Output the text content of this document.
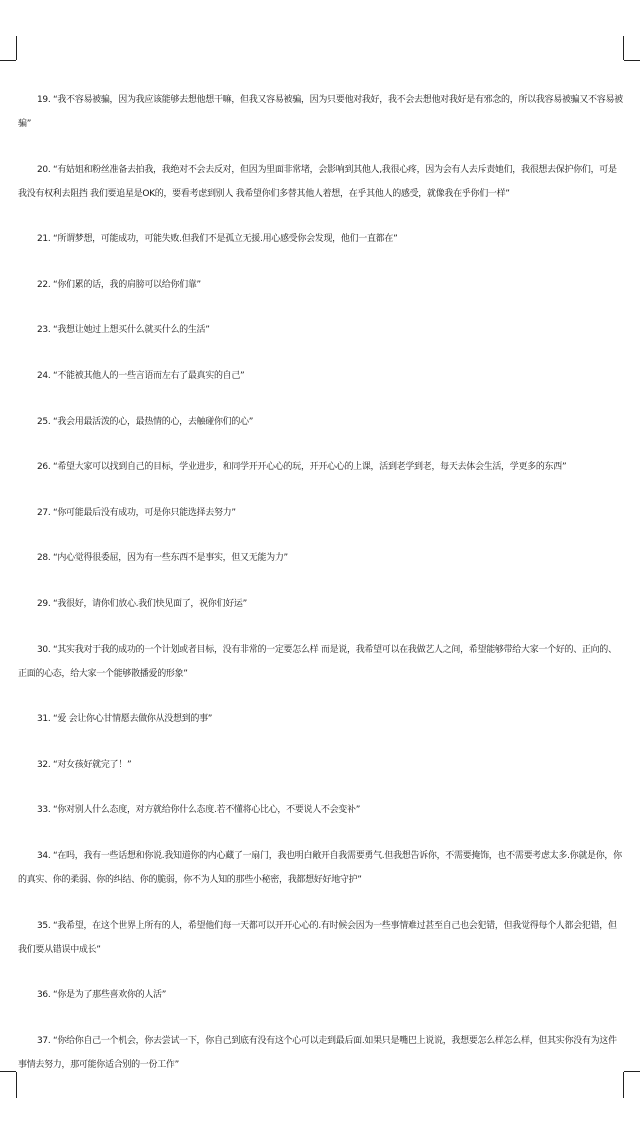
19. “我不容易被骗，因为我应该能够去想他想干嘛，但我又容易被骗，因为只要他对我好，我不会去想他对我好是有邪念的，所以我容易被骗又不容易被骗”

20. “有姑姐和粉丝准备去拍我，我绝对不会去反对，但因为里面非常堵，会影响到其他人,我很心疼，因为会有人去斥责她们，我很想去保护你们，可是我没有权利去阻挡 我们要追星是OK的，要看考虑到别人 我希望你们多替其他人着想，在乎其他人的感受，就像我在乎你们一样”

21. “所谓梦想，可能成功，可能失败.但我们不是孤立无援.用心感受你会发现，他们一直都在”

22. “你们累的话，我的肩膀可以给你们靠”

23. “我想让她过上想买什么就买什么的生活”

24. “不能被其他人的一些言语而左右了最真实的自己”

25. “我会用最活泼的心，最热情的心，去触碰你们的心”

26. “希望大家可以找到自己的目标，学业进步，和同学开开心心的玩，开开心心的上课，活到老学到老，每天去体会生活，学更多的东西”

27. “你可能最后没有成功，可是你只能选择去努力”

28. “内心觉得很委屈，因为有一些东西不是事实，但又无能为力”

29. “我很好，请你们放心.我们快见面了，祝你们好运”

30. “其实我对于我的成功的一个计划或者目标，没有非常的一定要怎么样 而是说，我希望可以在我做艺人之间，希望能够带给大家一个好的、正向的、正面的心态，给大家一个能够散播爱的形象”

31. “爱 会让你心甘情愿去做你从没想到的事”

32. “对女孩好就完了！”

33. “你对别人什么态度，对方就给你什么态度.若不懂将心比心，不要说人不会变补”

34. “在吗，我有一些话想和你说.我知道你的内心藏了一扇门，我也明白敞开自我需要勇气.但我想告诉你，不需要掩饰，也不需要考虑太多.你就是你，你的真实、你的柔弱、你的纠结、你的脆弱，你不为人知的那些小秘密，我都想好好地守护”

35. “我希望，在这个世界上所有的人，希望他们每一天都可以开开心心的.有时候会因为一些事情难过甚至自己也会犯错，但我觉得每个人都会犯错，但我们要从错误中成长”

36. “你是为了那些喜欢你的人活”

37. “你给你自己一个机会，你去尝试一下，你自己到底有没有这个心可以走到最后面.如果只是嘴巴上说说，我想要怎么样怎么样，但其实你没有为这件事情去努力，那可能你适合别的一份工作”
